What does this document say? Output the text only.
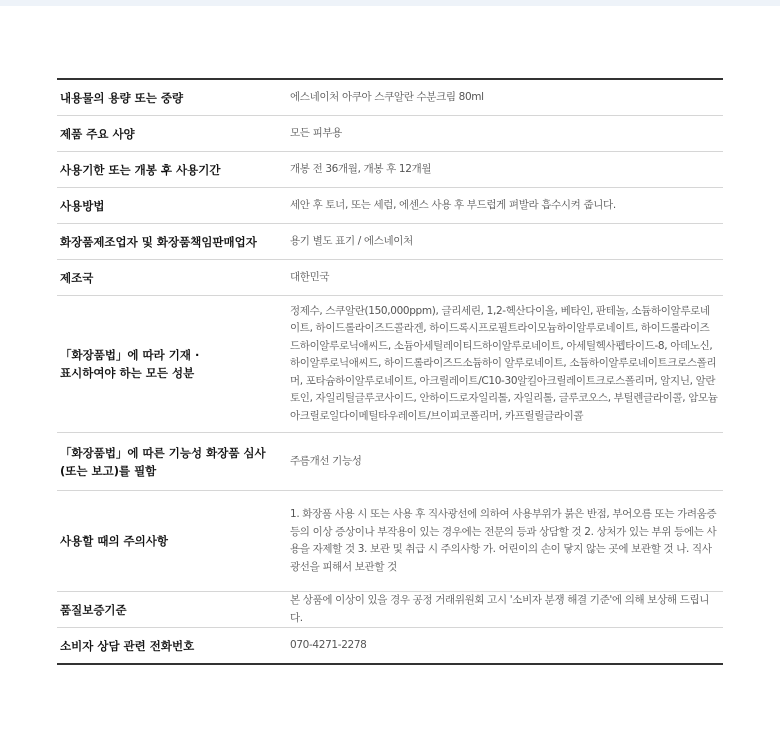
내용물의 용량 또는 중량	에스네이처 아쿠아 스쿠알란 수분크림 80ml
제품 주요 사양	모든 피부용
사용기한 또는 개봉 후 사용기간	개봉 전 36개월, 개봉 후 12개월
사용방법	세안 후 토너, 또는 세럼, 에센스 사용 후 부드럽게 펴발라 흡수시켜 줍니다.
화장품제조업자 및 화장품책임판매업자	용기 별도 표기 / 에스네이처
제조국	대한민국
「화장품법」에 따라 기재 ·
표시하여야 하는 모든 성분	정제수, 스쿠알란(150,000ppm), 글리세린, 1,2-헥산다이올, 베타인, 판테놀, 소듐하이알루로네이트, 하이드롤라이즈드콜라겐, 하이드록시프로필트라이모늄하이알루로네이트, 하이드롤라이즈드하이알루로닉애씨드, 소듐아세틸레이티드하이알루로네이트, 아세틸헥사펩타이드-8, 아데노신, 하이알루로닉애씨드, 하이드롤라이즈드소듐하이 알루로네이트, 소듐하이알루로네이트크로스폴리머, 포타슘하이알루로네이트, 아크릴레이트/C10-30알킬아크릴레이트크로스폴리머, 알지닌, 알란토인, 자일리틸글루코사이드, 안하이드로자일리톨, 자일리톨, 글루코오스, 부틸렌글라이콜, 암모늄아크릴로일다이메틸타우레이트/브이피코폴리머, 카프릴릴글라이콜
「화장품법」에 따른 기능성 화장품 심사
(또는 보고)를 필함	주름개선 기능성
사용할 때의 주의사항	1. 화장품 사용 시 또는 사용 후 직사광선에 의하여 사용부위가 붉은 반점, 부어오름 또는 가려움증 등의 이상 증상이나 부작용이 있는 경우에는 전문의 등과 상담할 것 2. 상처가 있는 부위 등에는 사용을 자제할 것 3. 보관 및 취급 시 주의사항 가. 어린이의 손이 닿지 않는 곳에 보관할 것 나. 직사광선을 피해서 보관할 것
품질보증기준	본 상품에 이상이 있을 경우 공정 거래위원회 고시 '소비자 분쟁 해결 기준'에 의해 보상해 드립니다.
소비자 상담 관련 전화번호	070-4271-2278
